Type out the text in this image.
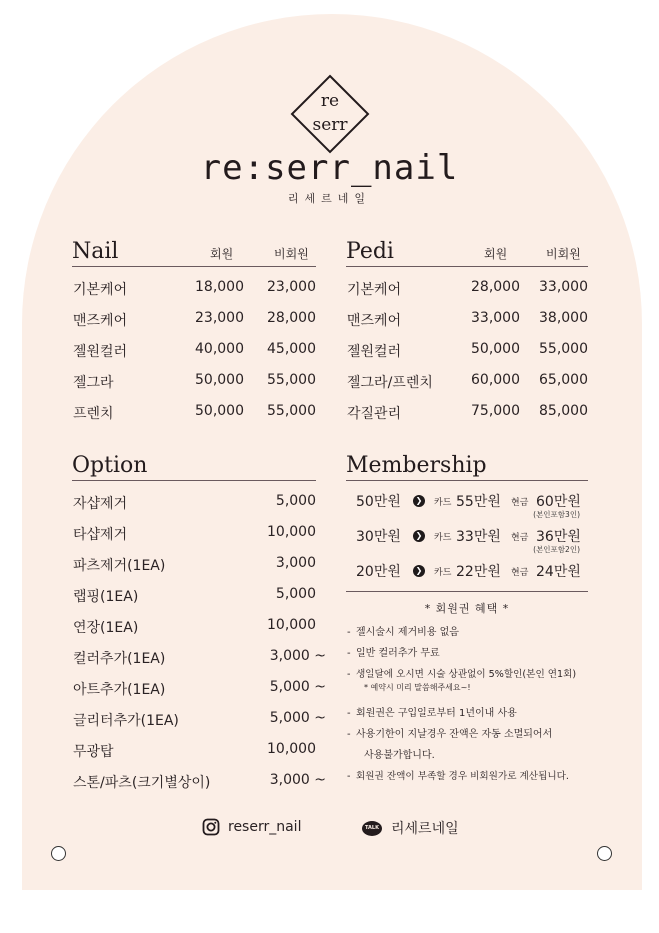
re
serr
re:serr_nail
리세르네일
Nail	회원	비회원
기본케어	18,000 23,000
맨즈케어	23,000 28,000
젤원컬러	40,000 45,000
젤그라	50,000 55,000
프렌치	50,000 55,000
Pedi	회원	비회원
기본케어	28,000 33,000
맨즈케어	33,000 38,000
젤원컬러	50,000 55,000
젤그라/프렌치	60,000 65,000
각질관리	75,000 85,000
Option
자샵제거	5,000
타샵제거	10,000
파츠제거(1EA)	3,000
랩핑(1EA)	5,000
연장(1EA)	10,000
컬러추가(1EA)	3,000 ~
아트추가(1EA)	5,000 ~
글리터추가(1EA)	5,000 ~
무광탑	10,000
스톤/파츠(크기별상이)	3,000 ~
Membership
50만원	❯ 카드 55만원 현금 60만원
(본인포함3인)
30만원	❯ 카드 33만원 현금 36만원
(본인포함2인)
20만원	❯ 카드 22만원 현금 24만원
* 회원권 혜택 *
- 젤시술시 제거비용 없음
- 일반 컬러추가 무료
- 생일달에 오시면 시술 상관없이 5%할인(본인 연1회)
* 예약시 미리 말씀해주세요~!
- 회원권은 구입일로부터 1년이내 사용
- 사용기한이 지날경우 잔액은 자동 소멸되어서
사용불가합니다.
- 회원권 잔액이 부족할 경우 비회원가로 계산됩니다.
reserr_nail	TALK 리세르네일
